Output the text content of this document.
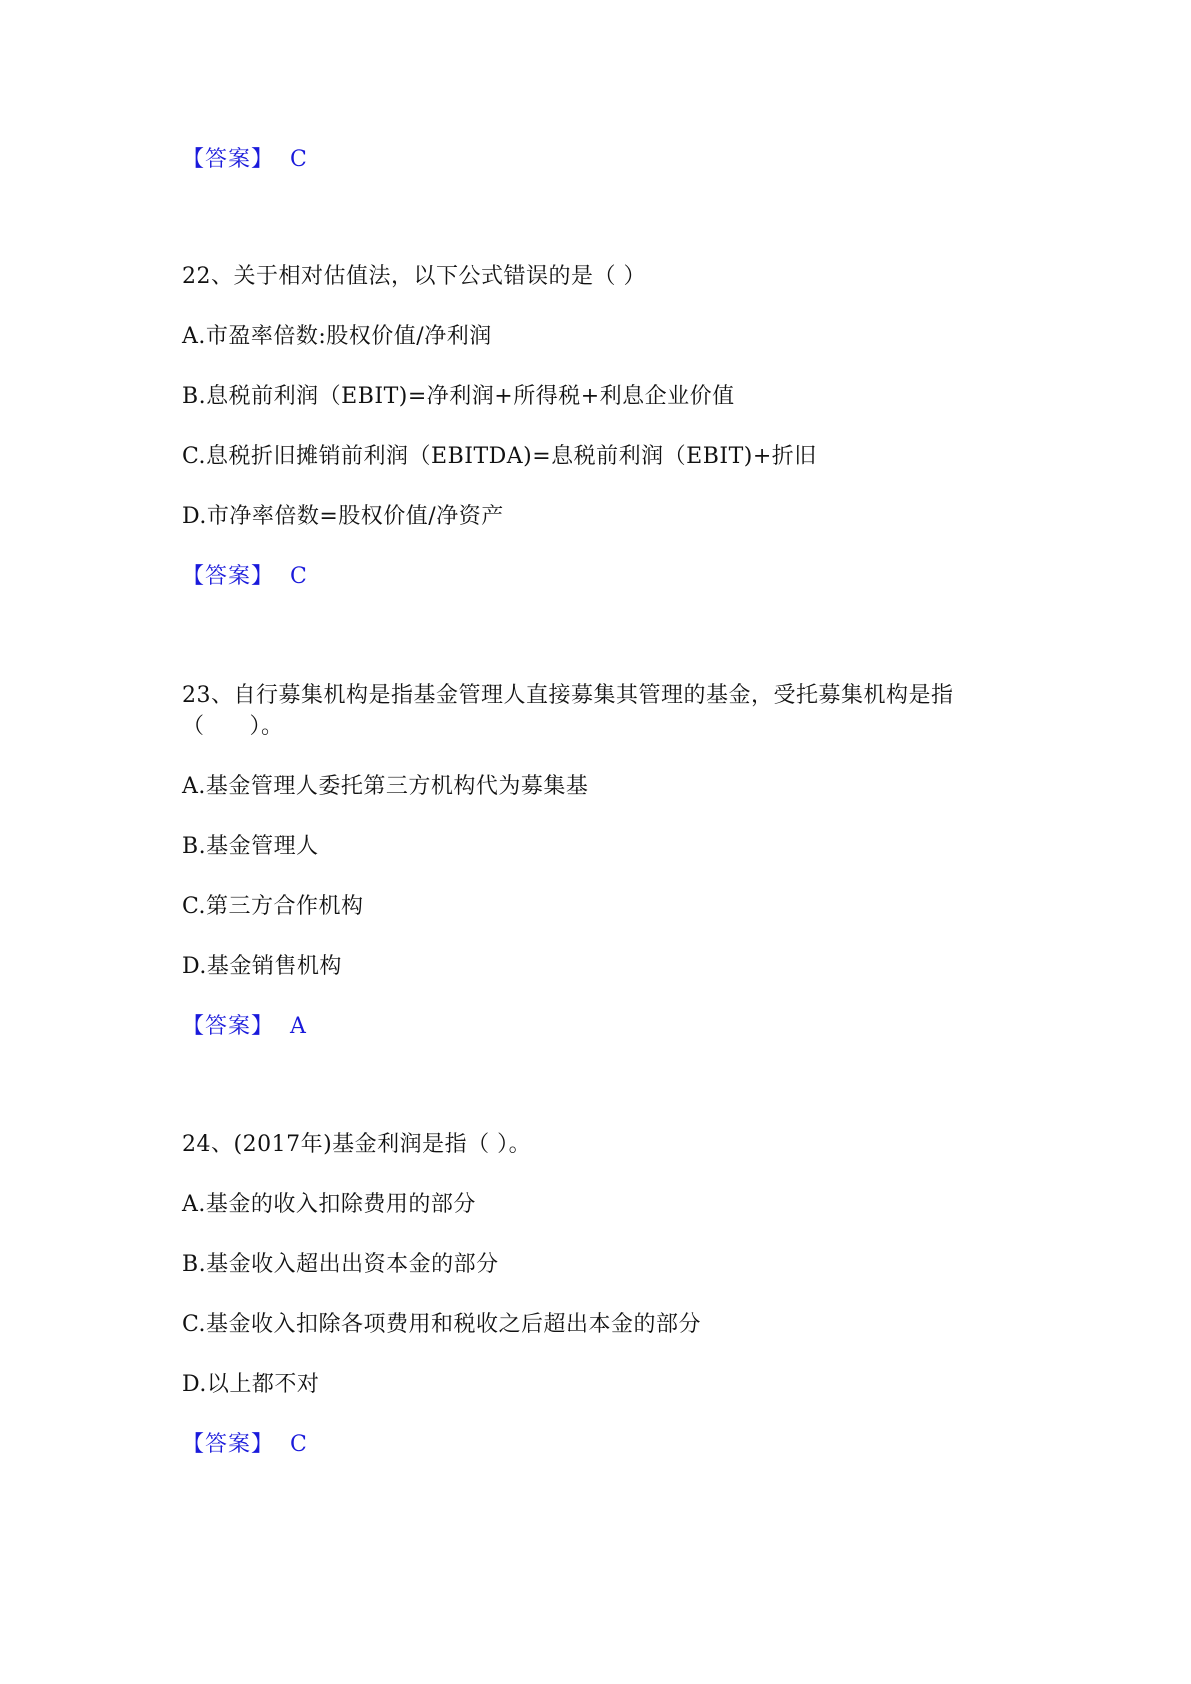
【答案】 C
22、关于相对估值法，以下公式错误的是（ ）
A.市盈率倍数:股权价值/净利润
B.息税前利润（EBIT)=净利润+所得税+利息企业价值
C.息税折旧摊销前利润（EBITDA)=息税前利润（EBIT)+折旧
D.市净率倍数=股权价值/净资产
【答案】 C
23、自行募集机构是指基金管理人直接募集其管理的基金，受托募集机构是指
（　　）。
A.基金管理人委托第三方机构代为募集基
B.基金管理人
C.第三方合作机构
D.基金销售机构
【答案】 A
24、(2017年)基金利润是指（ ）。
A.基金的收入扣除费用的部分
B.基金收入超出出资本金的部分
C.基金收入扣除各项费用和税收之后超出本金的部分
D.以上都不对
【答案】 C
